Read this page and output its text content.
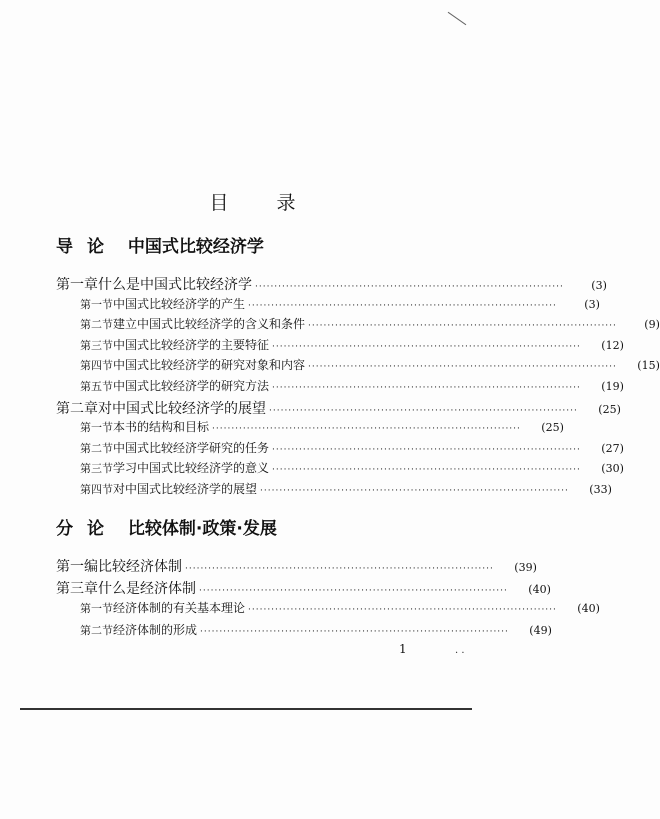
目录
导论 中国式比较经济学
第一章 什么是中国式比较经济学 ················································································	(3)
第一节 中国式比较经济学的产生 ················································································	(3)
第二节 建立中国式比较经济学的含义和条件 ················································································	(9)
第三节 中国式比较经济学的主要特征 ················································································	(12)
第四节 中国式比较经济学的研究对象和内容 ················································································	(15)
第五节 中国式比较经济学的研究方法 ················································································	(19)
第二章 对中国式比较经济学的展望 ················································································	(25)
第一节 本书的结构和目标 ················································································	(25)
第二节 中国式比较经济学研究的任务 ················································································	(27)
第三节 学习中国式比较经济学的意义 ················································································	(30)
第四节 对中国式比较经济学的展望 ················································································	(33)
分论 比较体制·政策·发展
第一编 比较经济体制 ················································································	(39)
第三章 什么是经济体制 ················································································	(40)
第一节 经济体制的有关基本理论 ················································································	(40)
第二节 经济体制的形成 ················································································	(49)
1	· ·
